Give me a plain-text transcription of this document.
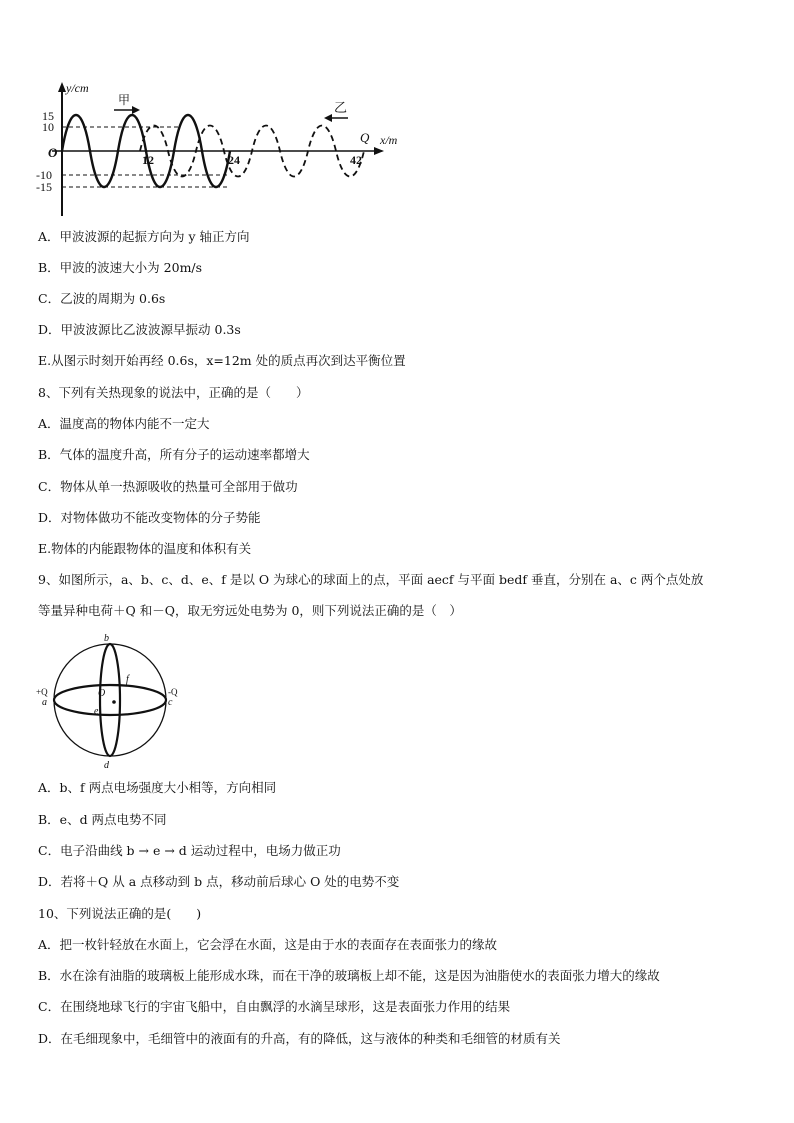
y/cm
x/m
O
15
10
-10
-15
12	24	42
甲	乙
Q
A．甲波波源的起振方向为 y 轴正方向
B．甲波的波速大小为 20m/s
C．乙波的周期为 0.6s
D．甲波波源比乙波波源早振动 0.3s
E.从图示时刻开始再经 0.6s，x=12m 处的质点再次到达平衡位置
8、下列有关热现象的说法中，正确的是（　　）
A．温度高的物体内能不一定大
B．气体的温度升高，所有分子的运动速率都增大
C．物体从单一热源吸收的热量可全部用于做功
D．对物体做功不能改变物体的分子势能
E.物体的内能跟物体的温度和体积有关
9、如图所示，a、b、c、d、e、f 是以 O 为球心的球面上的点，平面 aecf 与平面 bedf 垂直，分别在 a、c 两个点处放
等量异种电荷＋Q 和－Q，取无穷远处电势为 0，则下列说法正确的是（　）
b
d
+Q
a
-Q
c
O
e
f
A．b、f 两点电场强度大小相等，方向相同
B．e、d 两点电势不同
C．电子沿曲线 b → e → d 运动过程中，电场力做正功
D．若将＋Q 从 a 点移动到 b 点，移动前后球心 O 处的电势不变
10、下列说法正确的是(　　)
A．把一枚针轻放在水面上，它会浮在水面，这是由于水的表面存在表面张力的缘故
B．水在涂有油脂的玻璃板上能形成水珠，而在干净的玻璃板上却不能，这是因为油脂使水的表面张力增大的缘故
C．在围绕地球飞行的宇宙飞船中，自由飘浮的水滴呈球形，这是表面张力作用的结果
D．在毛细现象中，毛细管中的液面有的升高，有的降低，这与液体的种类和毛细管的材质有关
